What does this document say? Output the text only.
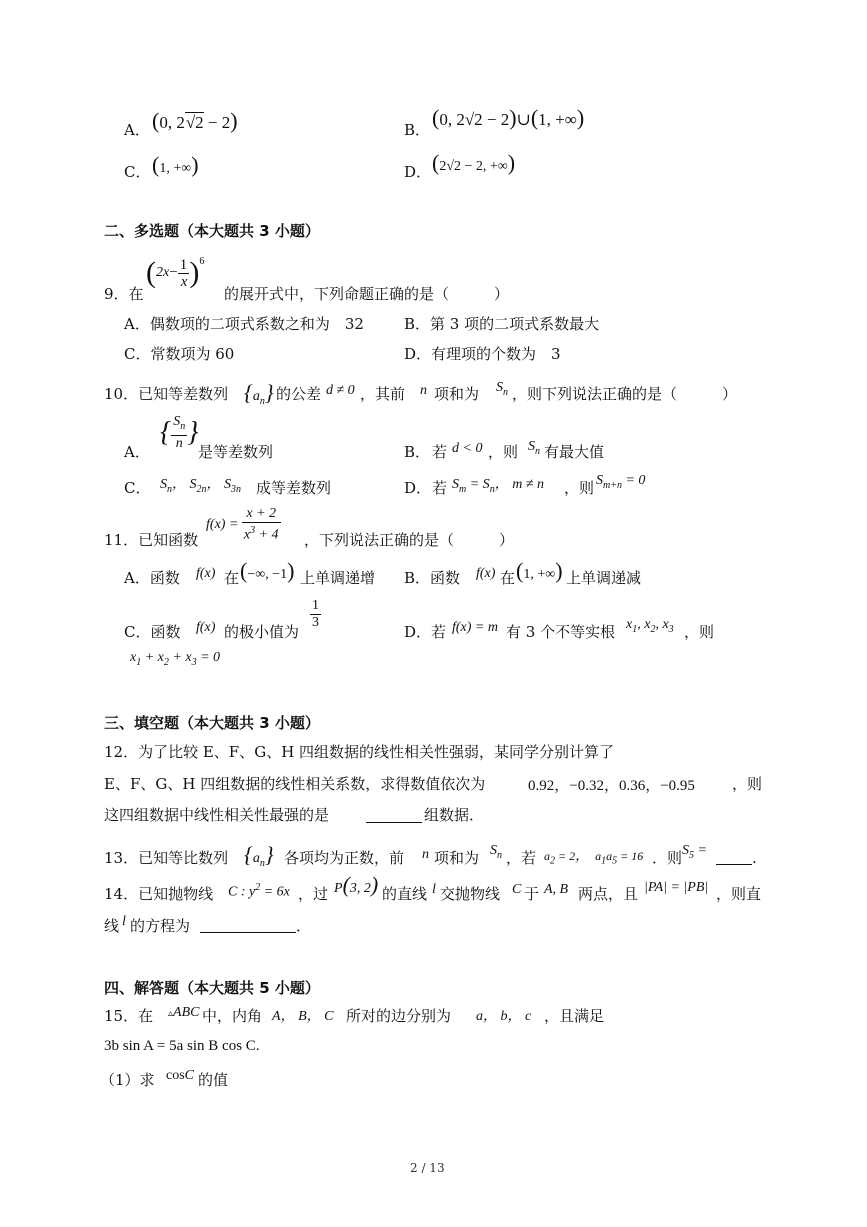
A． (0, 2√2 − 2)	B． (0, 2√2 − 2)∪(1, +∞)
C． (1, +∞)	D． (2√2 − 2, +∞)
二、多选题（本大题共 3 小题）
9．在
$(2x- \frac{1}{x} )^6$
的展开式中，下列命题正确的是（　　　）
A．偶数项的二项式系数之和为　32	B．第 3 项的二项式系数最大
C．常数项为 60	D．有理项的个数为　3
10．已知等差数列 $\{a_n\}$ 的公差 d ≠ 0 ，其前 n 项和为 $S_n$ ，则下列说法正确的是（　　　）
A．
{ $\frac{S_n}{n}$ }
是等差数列	B． 若 d < 0 ，则 $S_n$ 有最大值
C． $S_n$， $S_{2n}$， $S_{3n}$ 成等差数列	D． 若 $S_m = S_n$， m ≠ n ，则 $S_{m+n} = 0$
11．已知函数
$f(x) = \frac{x + 2}{x^3 + 4}$ ，下列说法正确的是（　　　）
A．函数 f(x) 在 (−∞, −1) 上单调递增 B．函数 f(x) 在 (1, +∞) 上单调递减
C．函数 f(x) 的极小值为
$\frac{1}{3}$
D．若 f(x) = m 有 3 个不等实根 $x_1$, $x_2$, $x_3$ ，则
$x_1 + x_2 + x_3 = 0$
三、填空题（本大题共 3 小题）
12．为了比较 E、F、G、H 四组数据的线性相关性强弱，某同学分别计算了
E、F、G、H 四组数据的线性相关系数，求得数值依次为	0.92，−0.32，0.36，−0.95 ，则
这四组数据中线性相关性最强的是	组数据．
13．已知等比数列 $\{a_n\}$ 各项均为正数，前 n 项和为 $S_n$ ，若 $a_2 = 2$，  $a_1a_5 = 16$ ．则 $S_5$ =	.
14．已知抛物线 C : $y^2 = 6x$ ，过 P(3, 2) 的直线 l 交抛物线 C 于 A, B 两点，且 |PA| = |PB| ，则直
线 l 的方程为	．
四、解答题（本大题共 5 小题）
15．在 ▵ABC 中，内角 A， B， C 所对的边分别为 a， b， c ，且满足
3b sin A = 5a sin B cos C.
（1）求 cosC 的值
2 / 13
